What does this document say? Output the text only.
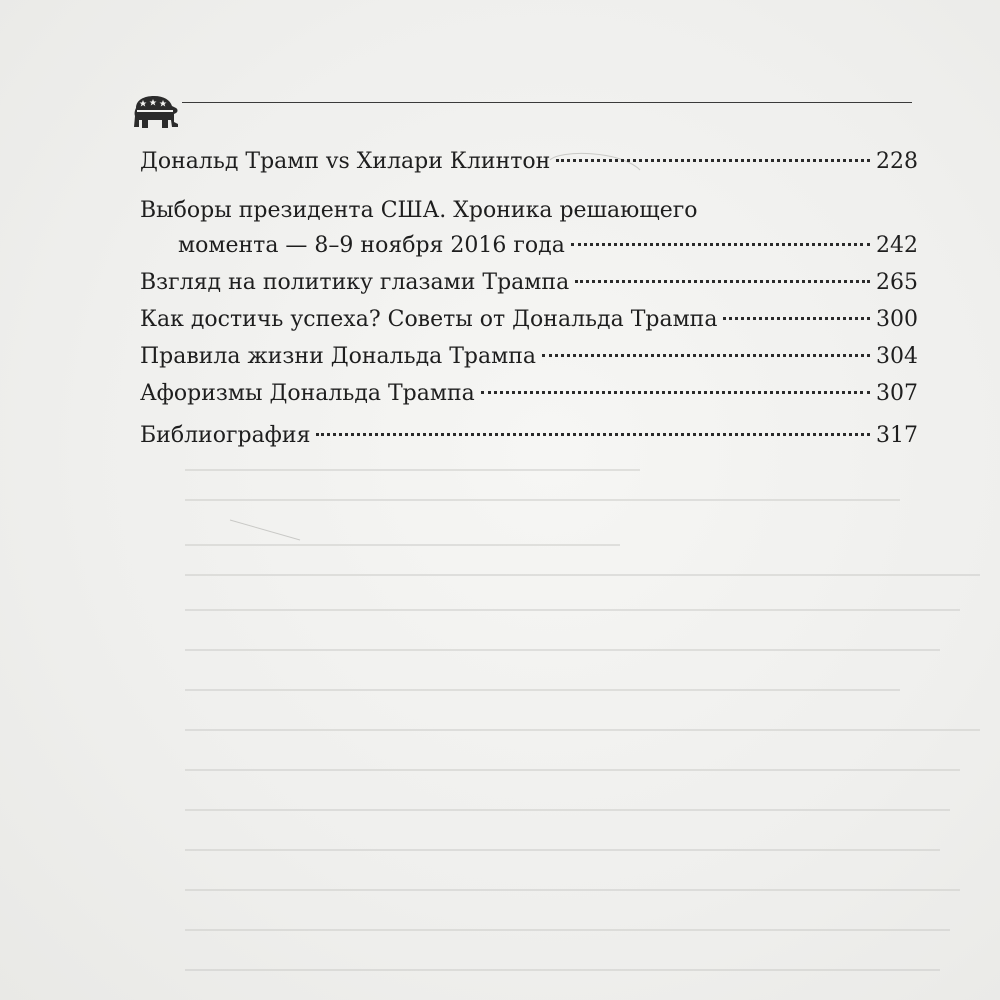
Дональд Трамп vs Хилари Клинтон	228
Выборы президента США. Хроника решающего
момента — 8–9 ноября 2016 года	242
Взгляд на политику глазами Трампа	265
Как достичь успеха? Советы от Дональда Трампа	300
Правила жизни Дональда Трампа	304
Афоризмы Дональда Трампа	307
Библиография	317
